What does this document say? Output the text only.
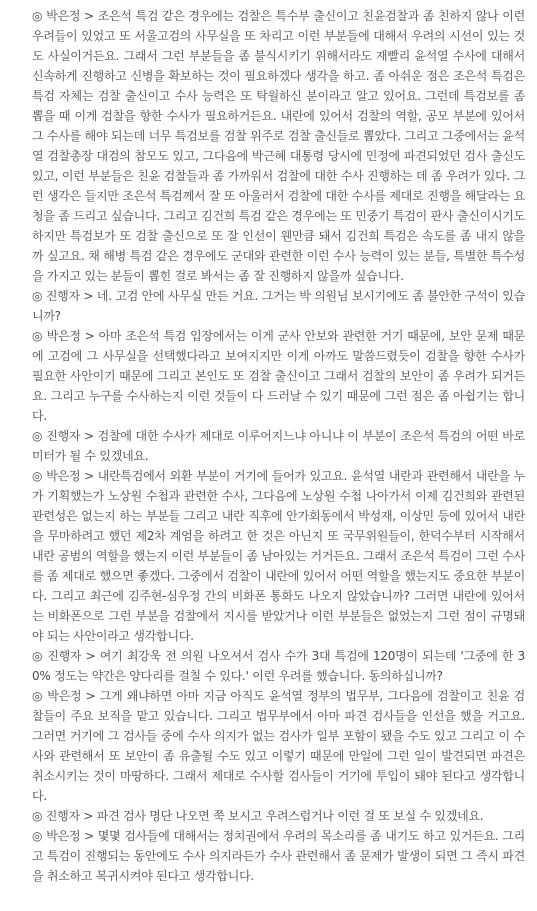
◎ 박은정 > 조은석 특검 같은 경우에는 검찰은 특수부 출신이고 친윤검찰과 좀 친하지 않나 이런 우려들이 있었고 또 서울고검의 사무실을 또 차리고 이런 부분들에 대해서 우려의 시선이 있는 것도 사실이거든요. 그래서 그런 부분들을 좀 불식시키기 위해서라도 재빨리 윤석열 수사에 대해서 신속하게 진행하고 신병을 확보하는 것이 필요하겠다 생각을 하고. 좀 아쉬운 점은 조은석 특검은 특검 자체는 검찰 출신이고 수사 능력은 또 탁월하신 분이라고 알고 있어요. 그런데 특검보를 좀 뽑을 때 이게 검찰을 향한 수사가 필요하거든요. 내란에 있어서 검찰의 역할, 공모 부분에 있어서 그 수사를 해야 되는데 너무 특검보를 검찰 위주로 검찰 출신들로 뽑았다. 그리고 그중에서는 윤석열 검찰총장 대검의 참모도 있고, 그다음에 박근혜 대통령 당시에 민정에 파견되었던 검사 출신도 있고, 이런 부분들은 친윤 검찰들과 좀 가까워서 검찰에 대한 수사 진행하는 데 좀 우려가 있다. 그런 생각은 들지만 조은석 특검께서 잘 또 아울러서 검찰에 대한 수사를 제대로 진행을 해달라는 요청을 좀 드리고 싶습니다. 그리고 김건희 특검 같은 경우에는 또 민중기 특검이 판사 출신이시기도 하지만 특검보가 또 검찰 출신으로 또 잘 인선이 웬만큼 돼서 김건희 특검은 속도를 좀 내지 않을까 싶고요. 채 해병 특검 같은 경우에도 군대와 관련한 이런 수사 능력이 있는 분들, 특별한 특수성을 가지고 있는 분들이 뽑힌 걸로 봐서는 좀 잘 진행하지 않을까 싶습니다.

◎ 진행자 > 네. 고검 안에 사무실 만든 거요. 그거는 박 의원님 보시기에도 좀 불안한 구석이 있습니까?

◎ 박은정 > 아마 조은석 특검 입장에서는 이게 군사 안보와 관련한 거기 때문에, 보안 문제 때문에 고검에 그 사무실을 선택했다라고 보여지지만 이게 아까도 말씀드렸듯이 검찰을 향한 수사가 필요한 사안이기 때문에 그리고 본인도 또 검찰 출신이고 그래서 검찰의 보안이 좀 우려가 되거든요. 그리고 누구를 수사하는지 이런 것들이 다 드러날 수 있기 때문에 그런 점은 좀 아쉽기는 합니다.

◎ 진행자 > 검찰에 대한 수사가 제대로 이루어지느냐 아니냐 이 부분이 조은석 특검의 어떤 바로미터가 될 수 있겠네요.

◎ 박은정 > 내란특검에서 외환 부분이 거기에 들어가 있고요. 윤석열 내란과 관련해서 내란을 누가 기획했는가 노상원 수첩과 관련한 수사, 그다음에 노상원 수첩 나아가서 이제 김건희와 관련된 관련성은 없는지 하는 부분들 그리고 내란 직후에 안가회동에서 박성재, 이상민 등에 있어서 내란을 무마하려고 했던 제2차 계엄을 하려고 한 것은 아닌지 또 국무위원들이, 한덕수부터 시작해서 내란 공범의 역할을 했는지 이런 부분들이 좀 남아있는 거거든요. 그래서 조은석 특검이 그런 수사를 좀 제대로 했으면 좋겠다. 그중에서 검찰이 내란에 있어서 어떤 역할을 했는지도 중요한 부분이다. 그리고 최근에 김주현-심우정 간의 비화폰 통화도 나오지 않았습니까? 그러면 내란에 있어서는 비화폰으로 그런 부분을 검찰에서 지시를 받았거나 이런 부분들은 없었는지 그런 점이 규명돼야 되는 사안이라고 생각합니다.

◎ 진행자 > 여기 최강욱 전 의원 나오셔서 검사 수가 3대 특검에 120명이 되는데 '그중에 한 30% 정도는 약간은 양다리를 걸칠 수 있다.' 이런 우려를 했습니다. 동의하십니까?

◎ 박은정 > 그게 왜냐하면 아마 지금 아직도 윤석열 정부의 법무부, 그다음에 검찰이고 친윤 검찰들이 주요 보직을 맡고 있습니다. 그리고 법무부에서 아마 파견 검사들을 인선을 했을 거고요. 그러면 거기에 그 검사들 중에 수사 의지가 없는 검사가 일부 포함이 됐을 수도 있고 그리고 이 수사와 관련해서 또 보안이 좀 유출될 수도 있고 이렇기 때문에 만일에 그런 일이 발견되면 파견은 취소시키는 것이 마땅하다. 그래서 제대로 수사할 검사들이 거기에 투입이 돼야 된다고 생각합니다.

◎ 진행자 > 파견 검사 명단 나오면 쭉 보시고 우려스럽거나 이런 걸 또 보실 수 있겠네요.

◎ 박은정 > 몇몇 검사들에 대해서는 정치권에서 우려의 목소리를 좀 내기도 하고 있거든요. 그리고 특검이 진행되는 동안에도 수사 의지라든가 수사 관련해서 좀 문제가 발생이 되면 그 즉시 파견을 취소하고 복귀시켜야 된다고 생각합니다.
